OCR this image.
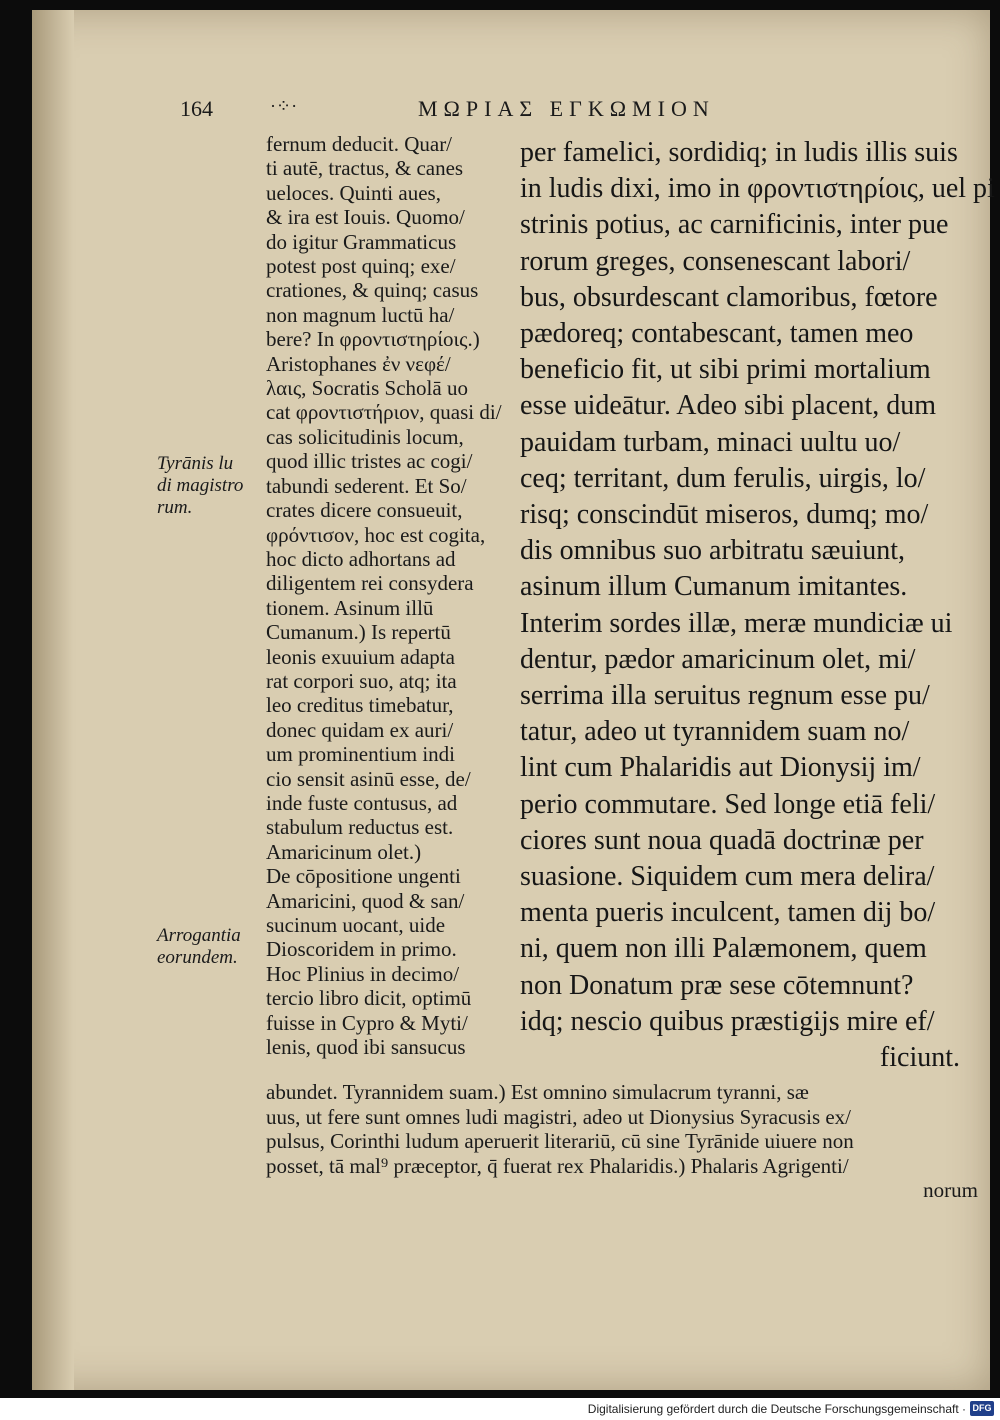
164	·⁘·	ΜΩΡΙΑΣ ΕΓΚΩΜΙΟΝ
Tyrānis lu
di magistro
rum.
Arrogantia
eorundem.
fernum deducit. Quar/
ti autē, tractus, & canes
ueloces. Quinti aues,
& ira est Iouis. Quomo/
do igitur Grammaticus
potest post quinq; exe/
crationes, & quinq; casus
non magnum luctū ha/
bere? In φροντιστηρίοις.)
Aristophanes ἐν νεφέ/
λαις, Socratis Scholā uo
cat φροντιστήριον, quasi di/
cas solicitudinis locum,
quod illic tristes ac cogi/
tabundi sederent. Et So/
crates dicere consueuit,
φρόντισον, hoc est cogita,
hoc dicto adhortans ad
diligentem rei consydera
tionem. Asinum illū
Cumanum.) Is repertū
leonis exuuium adapta
rat corpori suo, atq; ita
leo creditus timebatur,
donec quidam ex auri/
um prominentium indi
cio sensit asinū esse, de/
inde fuste contusus, ad
stabulum reductus est.
Amaricinum olet.)
De cōpositione ungenti
Amaricini, quod & san/
sucinum uocant, uide
Dioscoridem in primo.
Hoc Plinius in decimo/
tercio libro dicit, optimū
fuisse in Cypro & Myti/
lenis, quod ibi sansucus
per famelici, sordidiq; in ludis illis suis
in ludis dixi, imo in φροντιστηρίοις, uel pi
strinis potius, ac carnificinis, inter pue
rorum greges, consenescant labori/
bus, obsurdescant clamoribus, fœtore
pædoreq; contabescant, tamen meo
beneficio fit, ut sibi primi mortalium
esse uideātur. Adeo sibi placent, dum
pauidam turbam, minaci uultu uo/
ceq; territant, dum ferulis, uirgis, lo/
risq; conscindūt miseros, dumq; mo/
dis omnibus suo arbitratu sæuiunt,
asinum illum Cumanum imitantes.
Interim sordes illæ, meræ mundiciæ ui
dentur, pædor amaricinum olet, mi/
serrima illa seruitus regnum esse pu/
tatur, adeo ut tyrannidem suam no/
lint cum Phalaridis aut Dionysij im/
perio commutare. Sed longe etiā feli/
ciores sunt noua quadā doctrinæ per
suasione. Siquidem cum mera delira/
menta pueris inculcent, tamen dij bo/
ni, quem non illi Palæmonem, quem
non Donatum præ sese cōtemnunt?
idq; nescio quibus præstigijs mire ef/
ficiunt.
abundet. Tyrannidem suam.) Est omnino simulacrum tyranni, sæ
uus, ut fere sunt omnes ludi magistri, adeo ut Dionysius Syracusis ex/
pulsus, Corinthi ludum aperuerit literariū, cū sine Tyrānide uiuere non
posset, tā mal⁹ præceptor, q̄ fuerat rex Phalaridis.) Phalaris Agrigenti/
norum
Digitalisierung gefördert durch die Deutsche Forschungsgemeinschaft · DFG
